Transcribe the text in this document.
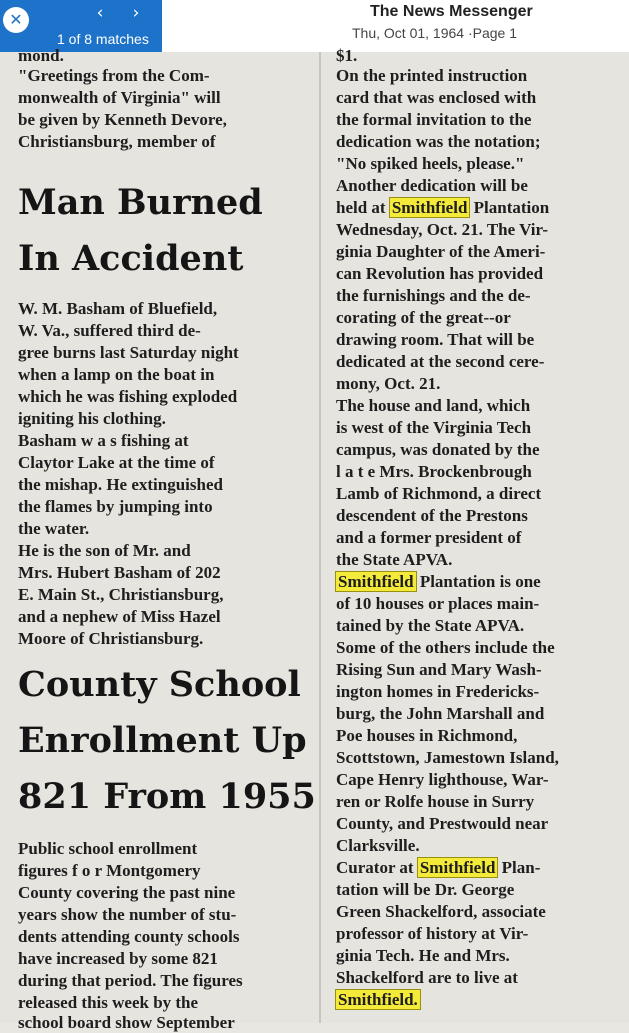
✕	‹	›
1 of 8 matches
The News Messenger
Thu, Oct 01, 1964 ·Page 1
mond.
"Greetings from the Com-
monwealth of Virginia" will
be given by Kenneth Devore,
Christiansburg, member of
Man Burned
In Accident
W. M. Basham of Bluefield,
W. Va., suffered third de-
gree burns last Saturday night
when a lamp on the boat in
which he was fishing exploded
igniting his clothing.
Basham w a s fishing at
Claytor Lake at the time of
the mishap. He extinguished
the flames by jumping into
the water.
He is the son of Mr. and
Mrs. Hubert Basham of 202
E. Main St., Christiansburg,
and a nephew of Miss Hazel
Moore of Christiansburg.
County School
Enrollment Up
821 From 1955
Public school enrollment
figures f o r Montgomery
County covering the past nine
years show the number of stu-
dents attending county schools
have increased by some 821
during that period. The figures
released this week by the
school board show September
$1.
On the printed instruction
card that was enclosed with
the formal invitation to the
dedication was the notation;
"No spiked heels, please."
Another dedication will be
held at Smithfield Plantation
Wednesday, Oct. 21. The Vir-
ginia Daughter of the Ameri-
can Revolution has provided
the furnishings and the de-
corating of the great--or
drawing room. That will be
dedicated at the second cere-
mony, Oct. 21.
The house and land, which
is west of the Virginia Tech
campus, was donated by the
l a t e Mrs. Brockenbrough
Lamb of Richmond, a direct
descendent of the Prestons
and a former president of
the State APVA.
Smithfield Plantation is one
of 10 houses or places main-
tained by the State APVA.
Some of the others include the
Rising Sun and Mary Wash-
ington homes in Fredericks-
burg, the John Marshall and
Poe houses in Richmond,
Scottstown, Jamestown Island,
Cape Henry lighthouse, War-
ren or Rolfe house in Surry
County, and Prestwould near
Clarksville.
Curator at Smithfield Plan-
tation will be Dr. George
Green Shackelford, associate
professor of history at Vir-
ginia Tech. He and Mrs.
Shackelford are to live at
Smithfield.
